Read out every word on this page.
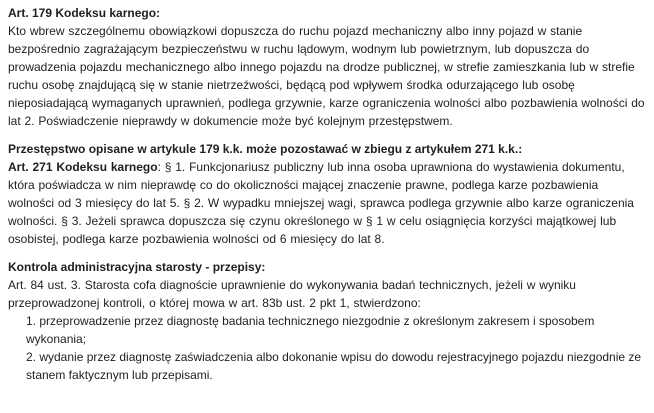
Art. 179 Kodeksu karnego:
Kto wbrew szczególnemu obowiązkowi dopuszcza do ruchu pojazd mechaniczny albo inny pojazd w stanie bezpośrednio zagrażającym bezpieczeństwu w ruchu lądowym, wodnym lub powietrznym, lub dopuszcza do prowadzenia pojazdu mechanicznego albo innego pojazdu na drodze publicznej, w strefie zamieszkania lub w strefie ruchu osobę znajdującą się w stanie nietrzeźwości, będącą pod wpływem środka odurzającego lub osobę nieposiadającą wymaganych uprawnień, podlega grzywnie, karze ograniczenia wolności albo pozbawienia wolności do lat 2. Poświadczenie nieprawdy w dokumencie może być kolejnym przestępstwem.
Przestępstwo opisane w artykule 179 k.k. może pozostawać w zbiegu z artykułem 271 k.k.:
Art. 271 Kodeksu karnego: § 1. Funkcjonariusz publiczny lub inna osoba uprawniona do wystawienia dokumentu, która poświadcza w nim nieprawdę co do okoliczności mającej znaczenie prawne, podlega karze pozbawienia wolności od 3 miesięcy do lat 5. § 2. W wypadku mniejszej wagi, sprawca podlega grzywnie albo karze ograniczenia wolności. § 3. Jeżeli sprawca dopuszcza się czynu określonego w § 1 w celu osiągnięcia korzyści majątkowej lub osobistej, podlega karze pozbawienia wolności od 6 miesięcy do lat 8.
Kontrola administracyjna starosty - przepisy:
Art. 84 ust. 3. Starosta cofa diagnoście uprawnienie do wykonywania badań technicznych, jeżeli w wyniku przeprowadzonej kontroli, o której mowa w art. 83b ust. 2 pkt 1, stwierdzono:
1. przeprowadzenie przez diagnostę badania technicznego niezgodnie z określonym zakresem i sposobem wykonania;
2. wydanie przez diagnostę zaświadczenia albo dokonanie wpisu do dowodu rejestracyjnego pojazdu niezgodnie ze stanem faktycznym lub przepisami.
